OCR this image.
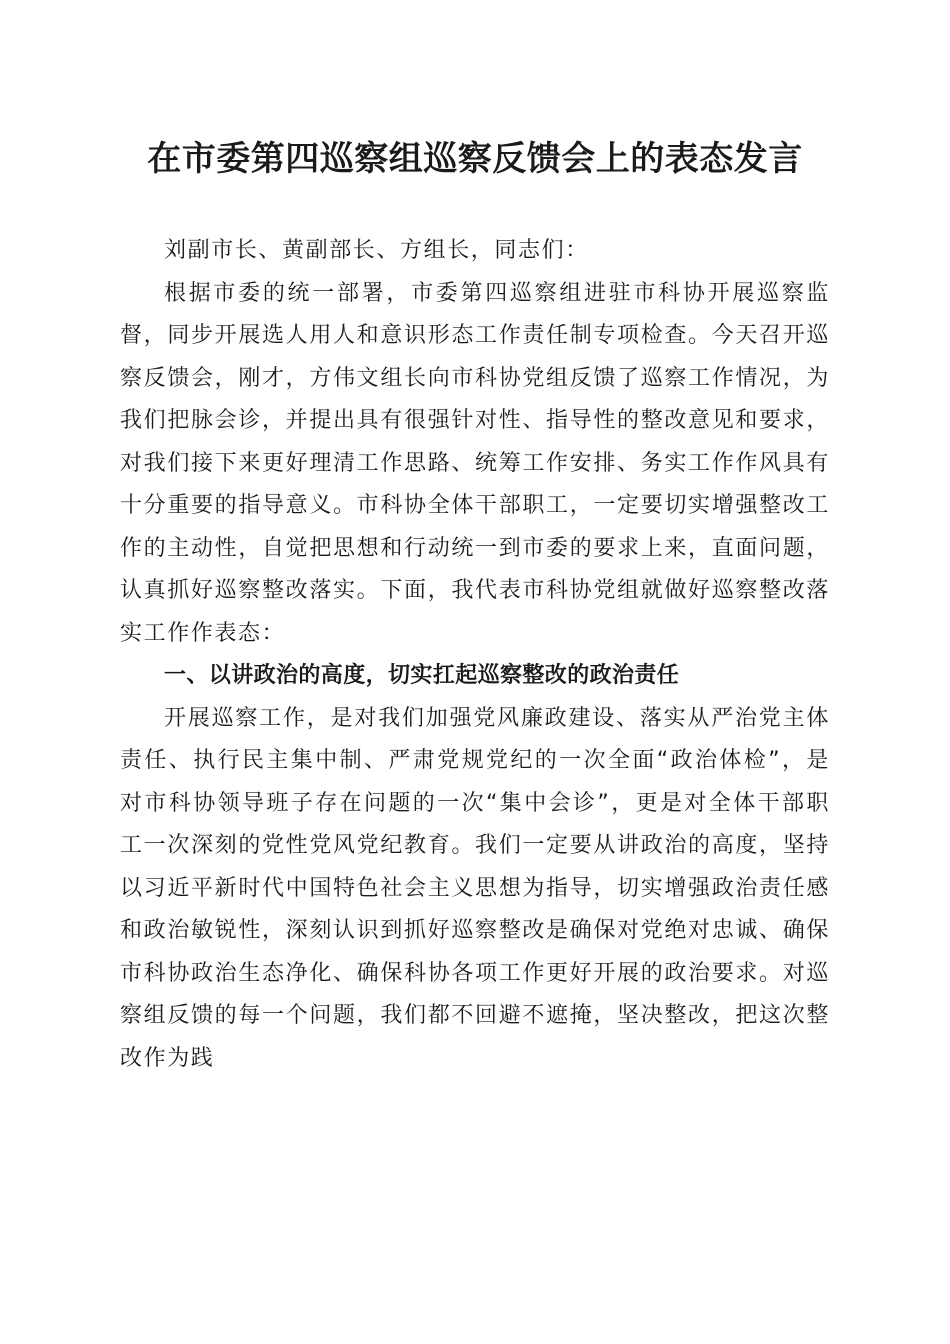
在市委第四巡察组巡察反馈会上的表态发言

刘副市长、黄副部长、方组长，同志们：

根据市委的统一部署，市委第四巡察组进驻市科协开展巡察监督，同步开展选人用人和意识形态工作责任制专项检查。今天召开巡察反馈会，刚才，方伟文组长向市科协党组反馈了巡察工作情况，为我们把脉会诊，并提出具有很强针对性、指导性的整改意见和要求，对我们接下来更好理清工作思路、统筹工作安排、务实工作作风具有十分重要的指导意义。市科协全体干部职工，一定要切实增强整改工作的主动性，自觉把思想和行动统一到市委的要求上来，直面问题，认真抓好巡察整改落实。下面，我代表市科协党组就做好巡察整改落实工作作表态：

一、以讲政治的高度，切实扛起巡察整改的政治责任

开展巡察工作，是对我们加强党风廉政建设、落实从严治党主体责任、执行民主集中制、严肃党规党纪的一次全面“政治体检”，是对市科协领导班子存在问题的一次“集中会诊”，更是对全体干部职工一次深刻的党性党风党纪教育。我们一定要从讲政治的高度，坚持以习近平新时代中国特色社会主义思想为指导，切实增强政治责任感和政治敏锐性，深刻认识到抓好巡察整改是确保对党绝对忠诚、确保市科协政治生态净化、确保科协各项工作更好开展的政治要求。对巡察组反馈的每一个问题，我们都不回避不遮掩，坚决整改，把这次整改作为践
